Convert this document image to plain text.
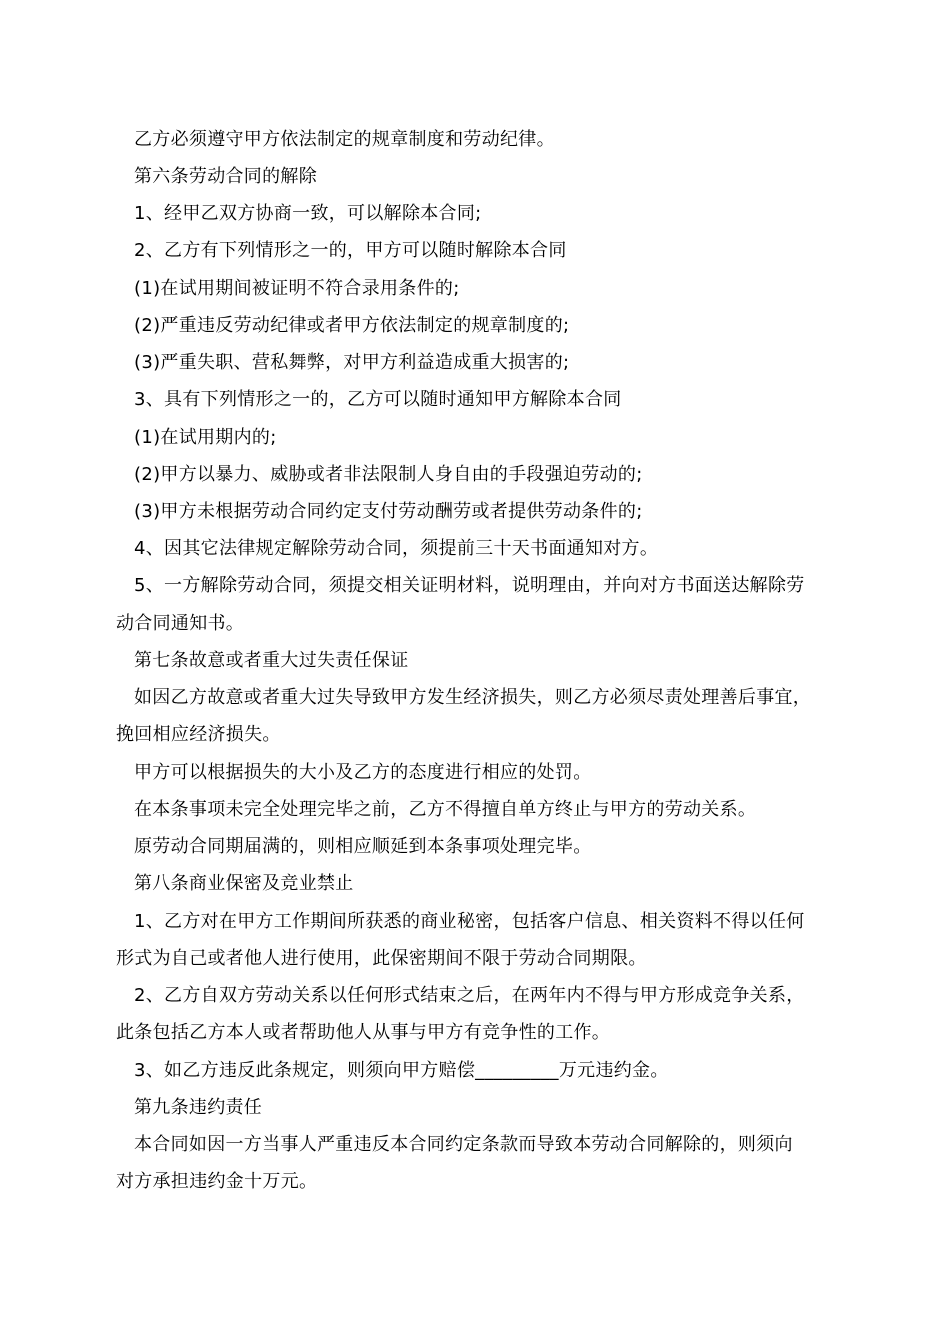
乙方必须遵守甲方依法制定的规章制度和劳动纪律。
第六条劳动合同的解除
1、经甲乙双方协商一致，可以解除本合同;
2、乙方有下列情形之一的，甲方可以随时解除本合同
(1)在试用期间被证明不符合录用条件的;
(2)严重违反劳动纪律或者甲方依法制定的规章制度的;
(3)严重失职、营私舞弊，对甲方利益造成重大损害的;
3、具有下列情形之一的，乙方可以随时通知甲方解除本合同
(1)在试用期内的;
(2)甲方以暴力、威胁或者非法限制人身自由的手段强迫劳动的;
(3)甲方未根据劳动合同约定支付劳动酬劳或者提供劳动条件的;
4、因其它法律规定解除劳动合同，须提前三十天书面通知对方。
5、一方解除劳动合同，须提交相关证明材料，说明理由，并向对方书面送达解除劳
动合同通知书。
第七条故意或者重大过失责任保证
如因乙方故意或者重大过失导致甲方发生经济损失，则乙方必须尽责处理善后事宜，
挽回相应经济损失。
甲方可以根据损失的大小及乙方的态度进行相应的处罚。
在本条事项未完全处理完毕之前，乙方不得擅自单方终止与甲方的劳动关系。
原劳动合同期届满的，则相应顺延到本条事项处理完毕。
第八条商业保密及竞业禁止
1、乙方对在甲方工作期间所获悉的商业秘密，包括客户信息、相关资料不得以任何
形式为自己或者他人进行使用，此保密期间不限于劳动合同期限。
2、乙方自双方劳动关系以任何形式结束之后，在两年内不得与甲方形成竞争关系，
此条包括乙方本人或者帮助他人从事与甲方有竞争性的工作。
3、如乙方违反此条规定，则须向甲方赔偿_________万元违约金。
第九条违约责任
本合同如因一方当事人严重违反本合同约定条款而导致本劳动合同解除的，则须向
对方承担违约金十万元。
